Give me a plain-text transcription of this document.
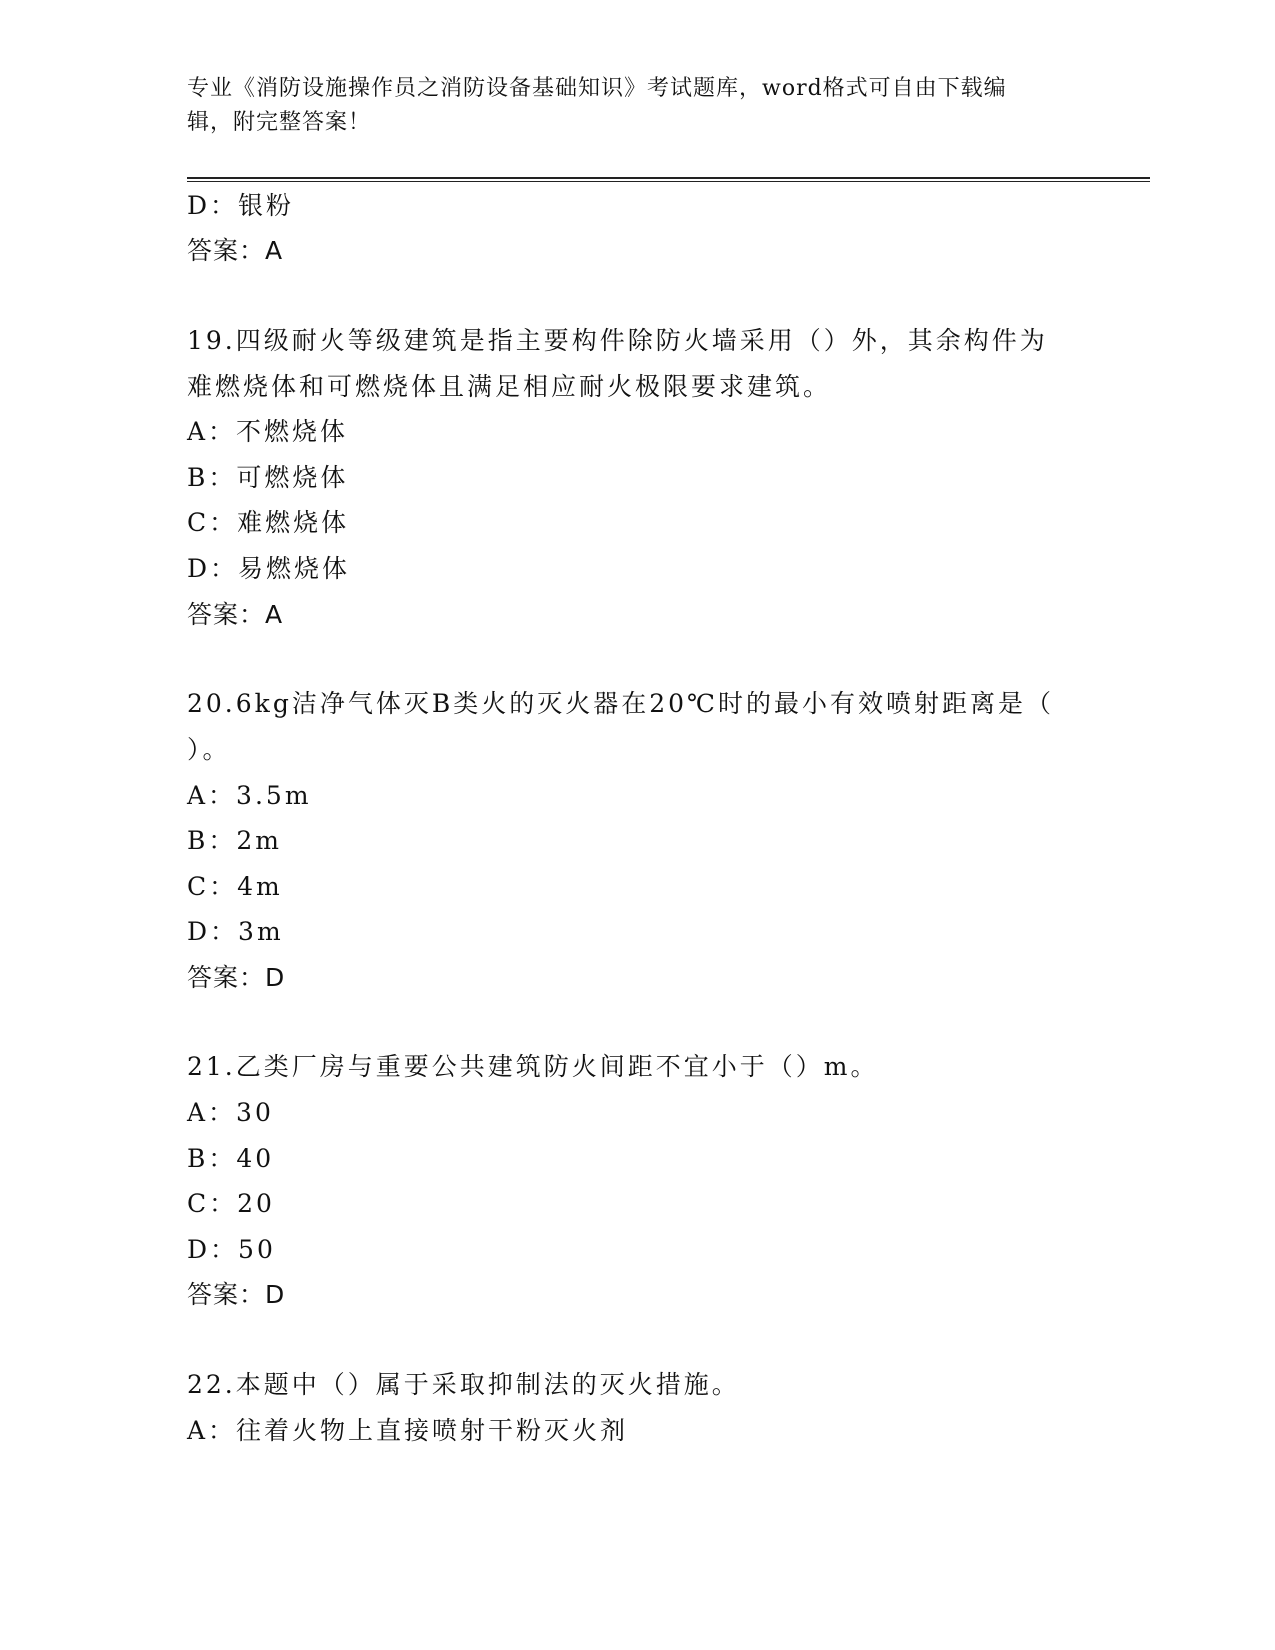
专业《消防设施操作员之消防设备基础知识》考试题库，word格式可自由下载编
辑，附完整答案！
D：银粉
答案：A
19.四级耐火等级建筑是指主要构件除防火墙采用（）外，其余构件为
难燃烧体和可燃烧体且满足相应耐火极限要求建筑。
A：不燃烧体
B：可燃烧体
C：难燃烧体
D：易燃烧体
答案：A
20.6kg洁净气体灭B类火的灭火器在20℃时的最小有效喷射距离是（
）。
A：3.5m
B：2m
C：4m
D：3m
答案：D
21.乙类厂房与重要公共建筑防火间距不宜小于（）m。
A：30
B：40
C：20
D：50
答案：D
22.本题中（）属于采取抑制法的灭火措施。
A：往着火物上直接喷射干粉灭火剂
